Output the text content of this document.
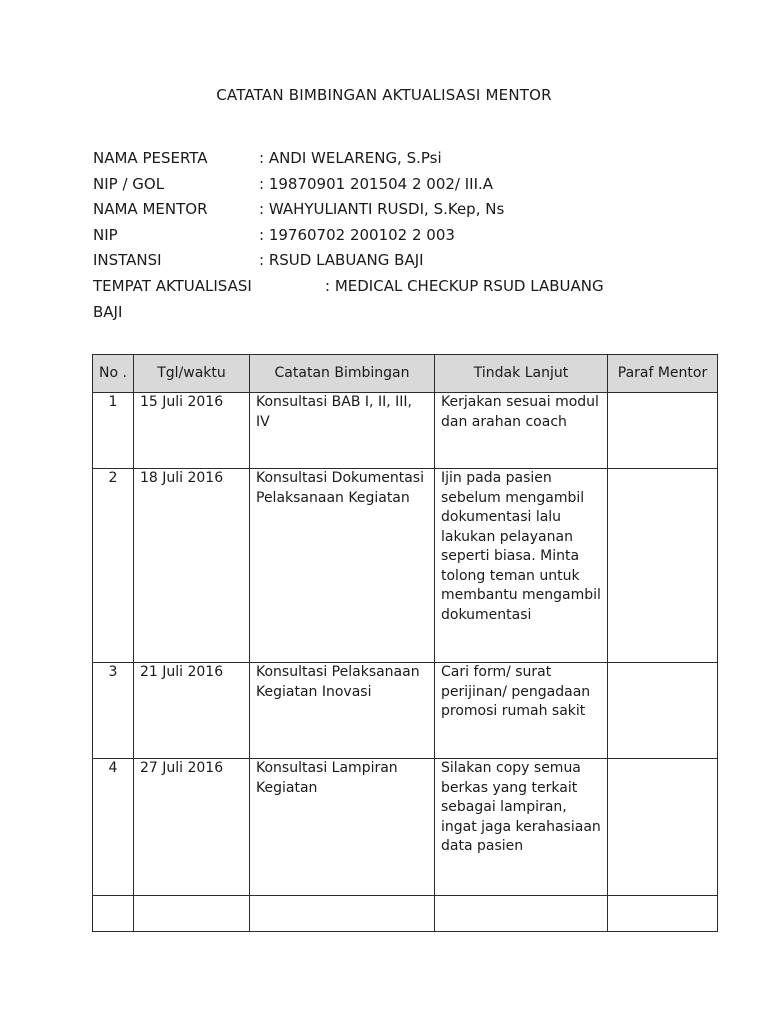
CATATAN BIMBINGAN AKTUALISASI MENTOR
NAMA PESERTA	: ANDI WELARENG, S.Psi
NIP / GOL	: 19870901 201504 2 002/ III.A
NAMA MENTOR	: WAHYULIANTI RUSDI, S.Kep, Ns
NIP	: 19760702 200102 2 003
INSTANSI	: RSUD LABUANG BAJI
TEMPAT AKTUALISASI	: MEDICAL CHECKUP RSUD LABUANG
BAJI
No .	Tgl/waktu	Catatan Bimbingan	Tindak Lanjut	Paraf Mentor
1	15 Juli 2016	Konsultasi BAB I, II, III, IV	Kerjakan sesuai modul dan arahan coach	
2	18 Juli 2016	Konsultasi Dokumentasi Pelaksanaan Kegiatan	Ijin pada pasien sebelum mengambil dokumentasi lalu lakukan pelayanan seperti biasa. Minta tolong teman untuk membantu mengambil dokumentasi	
3	21 Juli 2016	Konsultasi Pelaksanaan Kegiatan Inovasi	Cari form/ surat perijinan/ pengadaan promosi rumah sakit	
4	27 Juli 2016	Konsultasi Lampiran Kegiatan	Silakan copy semua berkas yang terkait sebagai lampiran, ingat jaga kerahasiaan data pasien	
